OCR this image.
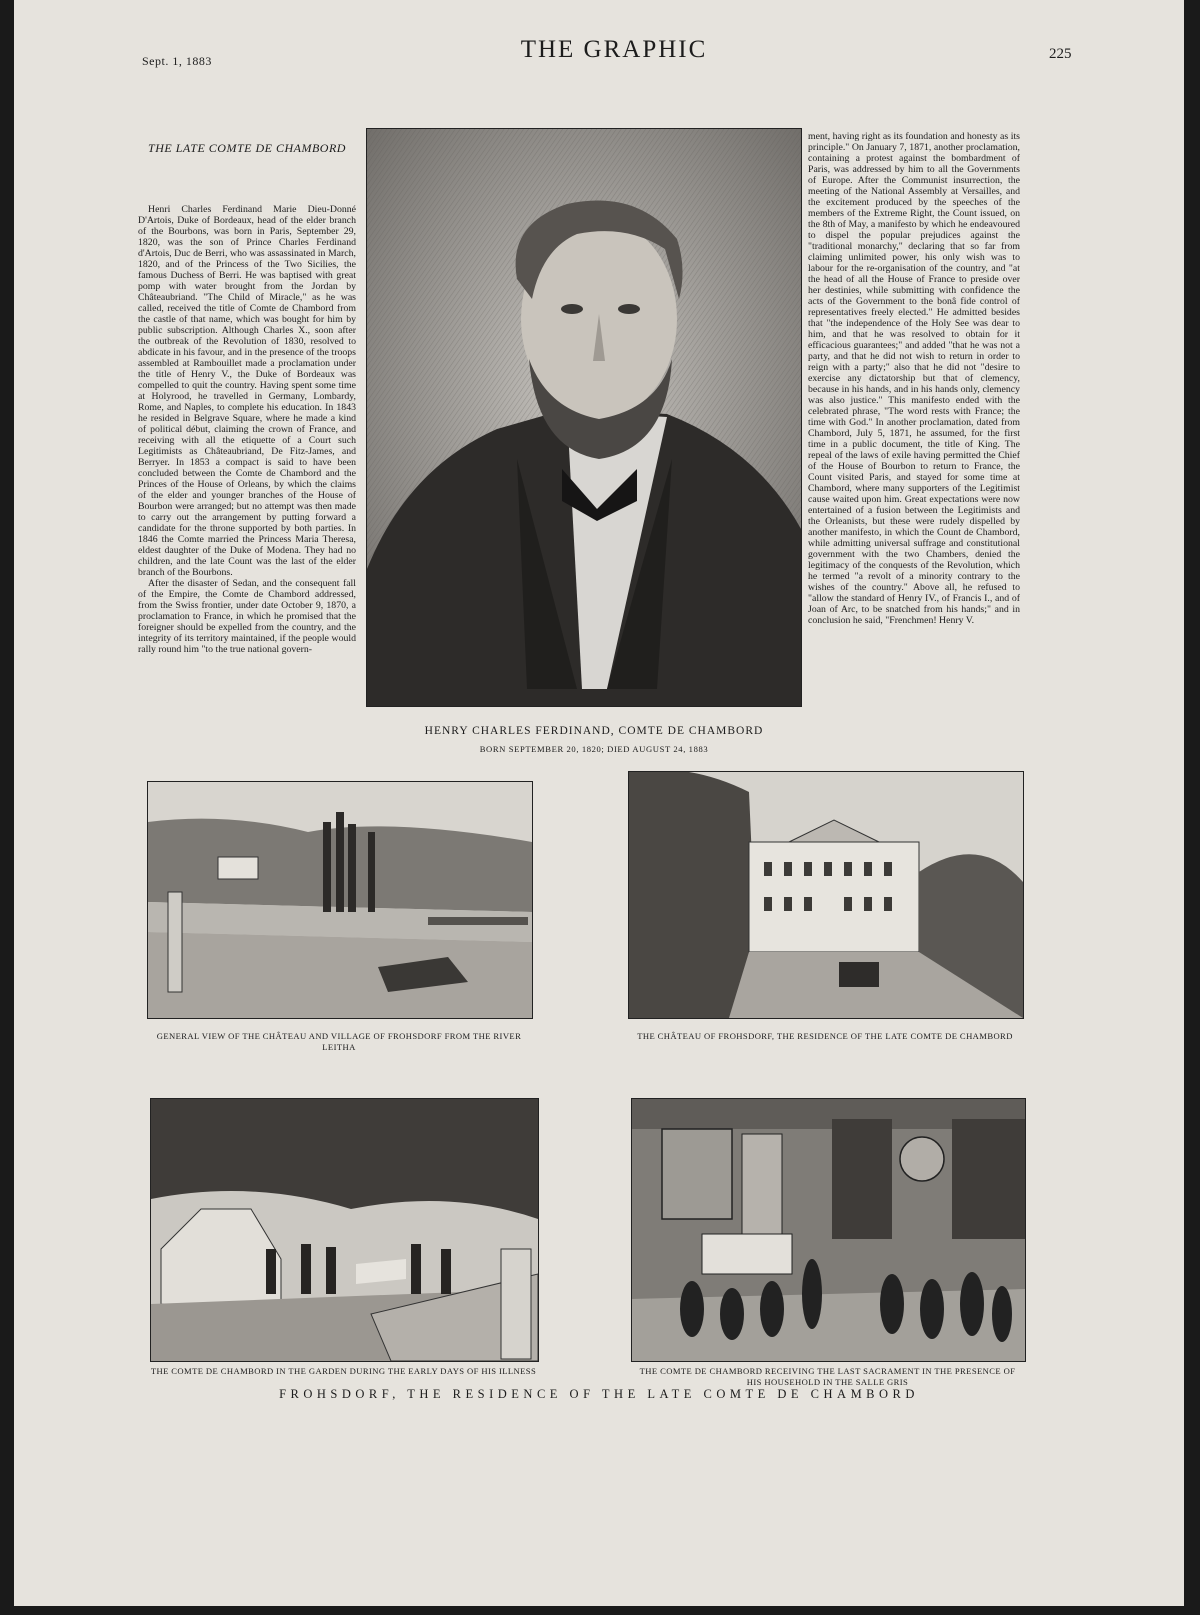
Sept. 1, 1883	THE GRAPHIC	225
THE LATE COMTE DE CHAMBORD

Henri Charles Ferdinand Marie Dieu-Donné D'Artois, Duke of Bordeaux, head of the elder branch of the Bourbons, was born in Paris, September 29, 1820, was the son of Prince Charles Ferdinand d'Artois, Duc de Berri, who was assassinated in March, 1820, and of the Princess of the Two Sicilies, the famous Duchess of Berri. He was baptised with great pomp with water brought from the Jordan by Châteaubriand. "The Child of Miracle," as he was called, received the title of Comte de Chambord from the castle of that name, which was bought for him by public subscription. Although Charles X., soon after the outbreak of the Revolution of 1830, resolved to abdicate in his favour, and in the presence of the troops assembled at Rambouillet made a proclamation under the title of Henry V., the Duke of Bordeaux was compelled to quit the country. Having spent some time at Holyrood, he travelled in Germany, Lombardy, Rome, and Naples, to complete his education. In 1843 he resided in Belgrave Square, where he made a kind of political début, claiming the crown of France, and receiving with all the etiquette of a Court such Legitimists as Châteaubriand, De Fitz-James, and Berryer. In 1853 a compact is said to have been concluded between the Comte de Chambord and the Princes of the House of Orleans, by which the claims of the elder and younger branches of the House of Bourbon were arranged; but no attempt was then made to carry out the arrangement by putting forward a candidate for the throne supported by both parties. In 1846 the Comte married the Princess Maria Theresa, eldest daughter of the Duke of Modena. They had no children, and the late Count was the last of the elder branch of the Bourbons.

After the disaster of Sedan, and the consequent fall of the Empire, the Comte de Chambord addressed, from the Swiss frontier, under date October 9, 1870, a proclamation to France, in which he promised that the foreigner should be expelled from the country, and the integrity of its territory maintained, if the people would rally round him "to the true national govern-

ment, having right as its foundation and honesty as its principle." On January 7, 1871, another proclamation, containing a protest against the bombardment of Paris, was addressed by him to all the Governments of Europe. After the Communist insurrection, the meeting of the National Assembly at Versailles, and the excitement produced by the speeches of the members of the Extreme Right, the Count issued, on the 8th of May, a manifesto by which he endeavoured to dispel the popular prejudices against the "traditional monarchy," declaring that so far from claiming unlimited power, his only wish was to labour for the re-organisation of the country, and "at the head of all the House of France to preside over her destinies, while submitting with confidence the acts of the Government to the bonâ fide control of representatives freely elected." He admitted besides that "the independence of the Holy See was dear to him, and that he was resolved to obtain for it efficacious guarantees;" and added "that he was not a party, and that he did not wish to return in order to reign with a party;" also that he did not "desire to exercise any dictatorship but that of clemency, because in his hands, and in his hands only, clemency was also justice." This manifesto ended with the celebrated phrase, "The word rests with France; the time with God." In another proclamation, dated from Chambord, July 5, 1871, he assumed, for the first time in a public document, the title of King. The repeal of the laws of exile having permitted the Chief of the House of Bourbon to return to France, the Count visited Paris, and stayed for some time at Chambord, where many supporters of the Legitimist cause waited upon him. Great expectations were now entertained of a fusion between the Legitimists and the Orleanists, but these were rudely dispelled by another manifesto, in which the Count de Chambord, while admitting universal suffrage and constitutional government with the two Chambers, denied the legitimacy of the conquests of the Revolution, which he termed "a revolt of a minority contrary to the wishes of the country." Above all, he refused to "allow the standard of Henry IV., of Francis I., and of Joan of Arc, to be snatched from his hands;" and in conclusion he said, "Frenchmen! Henry V.

HENRY CHARLES FERDINAND, COMTE DE CHAMBORD
BORN SEPTEMBER 20, 1820; DIED AUGUST 24, 1883
GENERAL VIEW OF THE CHÂTEAU AND VILLAGE OF FROHSDORF FROM THE RIVER LEITHA
THE CHÂTEAU OF FROHSDORF, THE RESIDENCE OF THE LATE COMTE DE CHAMBORD
THE COMTE DE CHAMBORD IN THE GARDEN DURING THE EARLY DAYS OF HIS ILLNESS	THE COMTE DE CHAMBORD RECEIVING THE LAST SACRAMENT IN THE PRESENCE OF HIS HOUSEHOLD IN THE SALLE GRIS
FROHSDORF, THE RESIDENCE OF THE LATE COMTE DE CHAMBORD
